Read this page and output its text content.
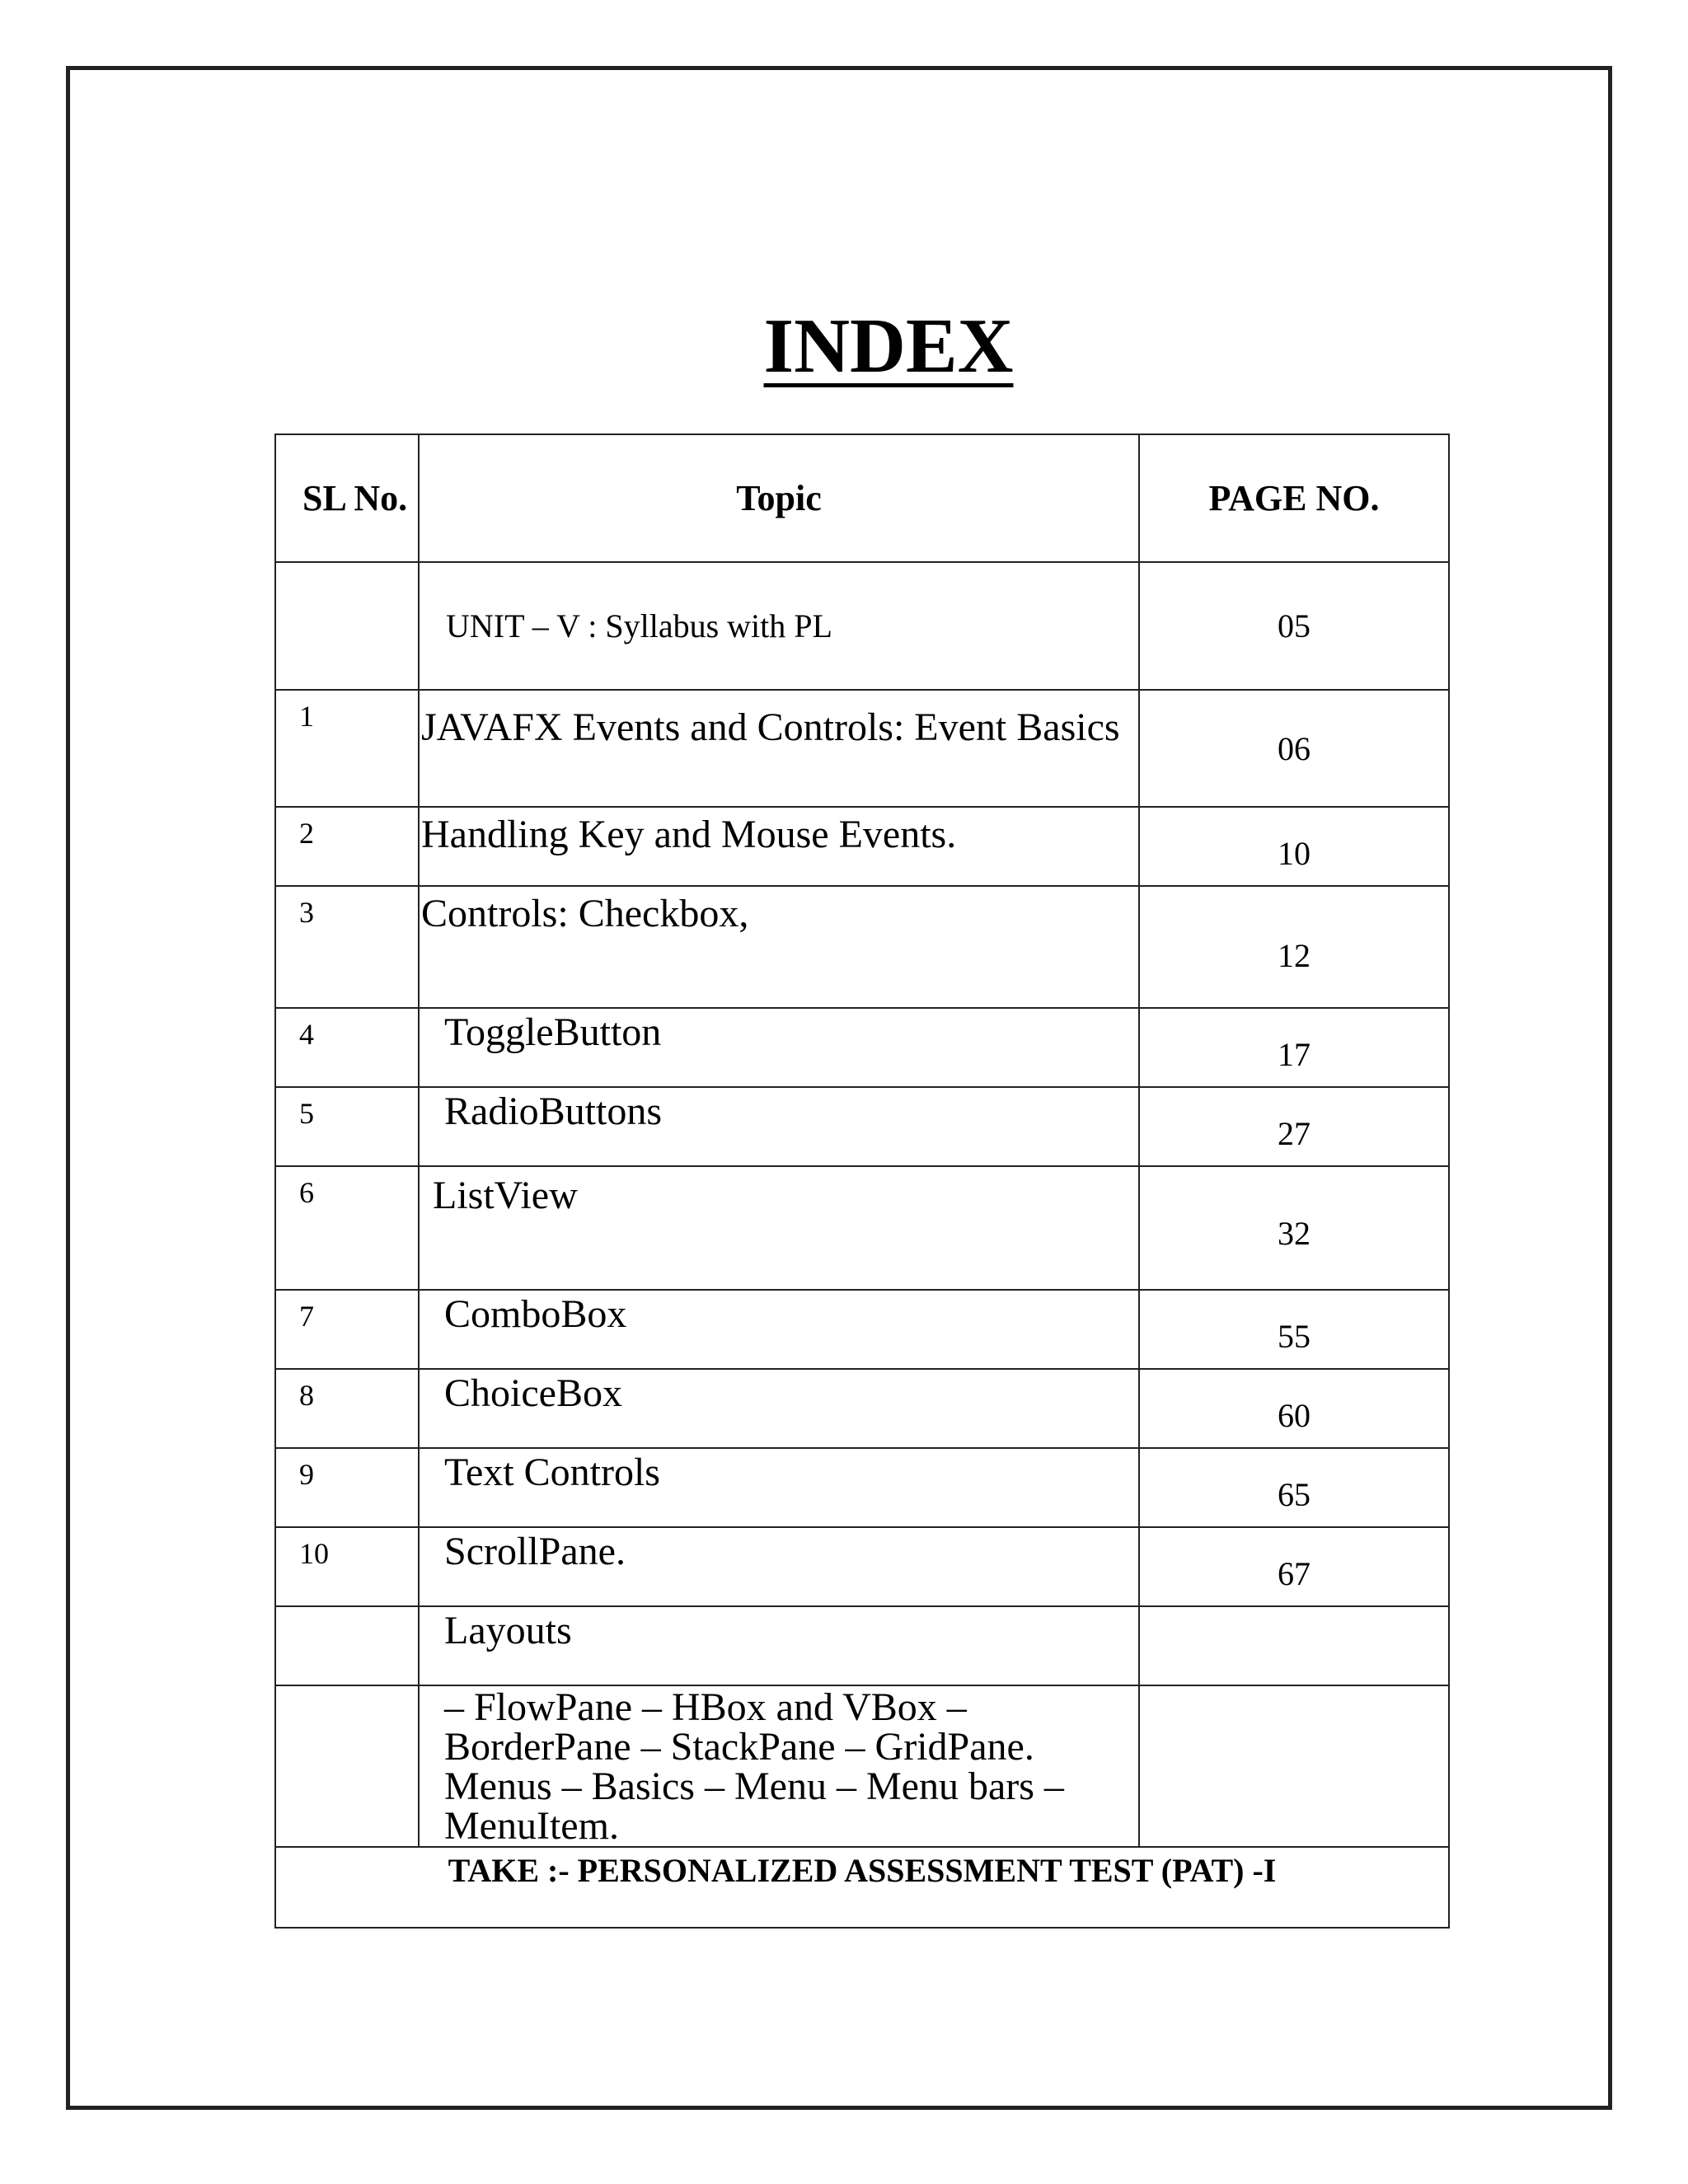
INDEX
SL No.	Topic	PAGE NO.
	UNIT – V : Syllabus with PL	05
1	JAVAFX Events and Controls: Event Basics	06
2	Handling Key and Mouse Events.	10
3	Controls: Checkbox,	12
4	ToggleButton	17
5	RadioButtons	27
6	ListView	32
7	ComboBox	55
8	ChoiceBox	60
9	Text Controls	65
10	ScrollPane.	67
	Layouts	

	– FlowPane – HBox and VBox –
BorderPane – StackPane – GridPane.
Menus – Basics – Menu – Menu bars –
MenuItem.	

TAKE :- PERSONALIZED ASSESSMENT TEST (PAT) -I		
